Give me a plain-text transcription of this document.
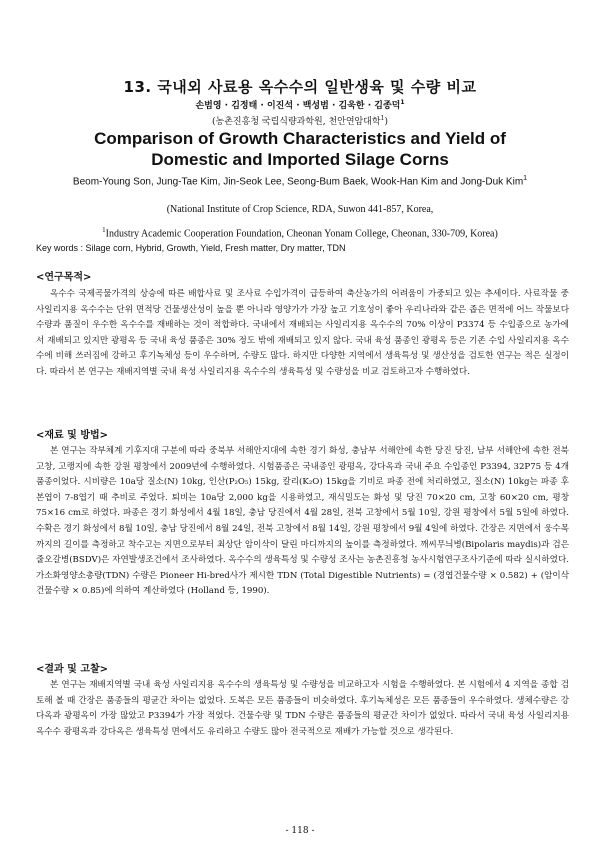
13. 국내외 사료용 옥수수의 일반생육 및 수량 비교
손범영 · 김정태 · 이진석 · 백성범 · 김욱한 · 김종덕$^1$
(농촌진흥청 국립식량과학원, 천안연암대학$^1$)
Comparison of Growth Characteristics and Yield of Domestic and Imported Silage Corns
Beom-Young Son, Jung-Tae Kim, Jin-Seok Lee, Seong-Bum Baek, Wook-Han Kim and Jong-Duk Kim$^1$
(National Institute of Crop Science, RDA, Suwon 441-857, Korea,
$^1$Industry Academic Cooperation Foundation, Cheonan Yonam College, Cheonan, 330-709, Korea)
Key words : Silage corn, Hybrid, Growth, Yield, Fresh matter, Dry matter, TDN
<연구목적>
옥수수 국제곡물가격의 상승에 따른 배합사료 및 조사료 수입가격이 급등하여 축산농가의 어려움이 가중되고 있는 추세이다. 사료작물 중 사일리지용 옥수수는 단위 면적당 건물생산성이 높을 뿐 아니라 영양가가 가장 높고 기호성이 좋아 우리나라와 같은 좁은 면적에 어느 작물보다 수량과 품질이 우수한 옥수수를 재배하는 것이 적합하다. 국내에서 재배되는 사일리지용 옥수수의 70% 이상이 P3374 등 수입종으로 농가에서 재배되고 있지만 광평옥 등 국내 육성 품종은 30% 정도 밖에 재배되고 있지 않다. 국내 육성 품종인 광평옥 등은 기존 수입 사일리지용 옥수수에 비해 쓰러짐에 강하고 후기녹체성 등이 우수하며, 수량도 많다. 하지만 다양한 지역에서 생육특성 및 생산성을 검토한 연구는 적은 실정이다. 따라서 본 연구는 재배지역별 국내 육성 사일리지용 옥수수의 생육특성 및 수량성을 비교 검토하고자 수행하였다.
<재료 및 방법>
본 연구는 작부체계 기후지대 구분에 따라 중북부 서해안지대에 속한 경기 화성, 충남부 서해안에 속한 당진 당진, 남부 서해안에 속한 전북 고창, 고랭지에 속한 강원 평창에서 2009년에 수행하였다. 시험품종은 국내종인 광평옥, 강다옥과 국내 주요 수입종인 P3394, 32P75 등 4개 품종이었다. 시비량은 10a당 질소(N) 10kg, 인산(P₂O₅) 15kg, 칼리(K₂O) 15kg을 기비로 파종 전에 처리하였고, 질소(N) 10kg는 파종 후 본엽이 7-8엽기 때 추비로 주었다. 퇴비는 10a당 2,000 kg을 시용하였고, 재식밀도는 화성 및 당진 70×20 cm, 고창 60×20 cm, 평창 75×16 cm로 하였다. 파종은 경기 화성에서 4월 18일, 충남 당진에서 4월 28일, 전북 고창에서 5월 10일, 강원 평창에서 5월 5일에 하였다. 수확은 경기 화성에서 8월 10일, 충남 당진에서 8월 24일, 전북 고창에서 8월 14일, 강원 평창에서 9월 4일에 하였다. 간장은 지면에서 웅수목까지의 길이를 측정하고 착수고는 지면으로부터 최상단 암이삭이 달린 마디까지의 높이를 측정하였다. 깨씨무늬병(Bipolaris maydis)과 검은줄오갈병(BSDV)은 자연발생조건에서 조사하였다. 옥수수의 생육특성 및 수량성 조사는 농촌진흥청 농사시험연구조사기준에 따라 실시하였다. 가소화영양소총량(TDN) 수량은 Pioneer Hi-bred사가 제시한 TDN (Total Digestible Nutrients) = (경엽건물수량 × 0.582) + (암이삭 건물수량 × 0.85)에 의하여 계산하였다 (Holland 등, 1990).
<결과 및 고찰>
본 연구는 재배지역별 국내 육성 사일리지용 옥수수의 생육특성 및 수량성을 비교하고자 시험을 수행하였다. 본 시험에서 4 지역을 종합 검토해 볼 때 간장은 품종들의 평균간 차이는 없었다. 도복은 모든 품종들이 비슷하였다. 후기녹체성은 모든 품종들이 우수하였다. 생체수량은 강다옥과 광평옥이 가장 많았고 P3394가 가장 적었다. 건물수량 및 TDN 수량은 품종들의 평균간 차이가 없었다. 따라서 국내 육성 사일리지용 옥수수 광평옥과 강다옥은 생육특성 면에서도 유리하고 수량도 많아 전국적으로 재배가 가능할 것으로 생각된다.
- 118 -
